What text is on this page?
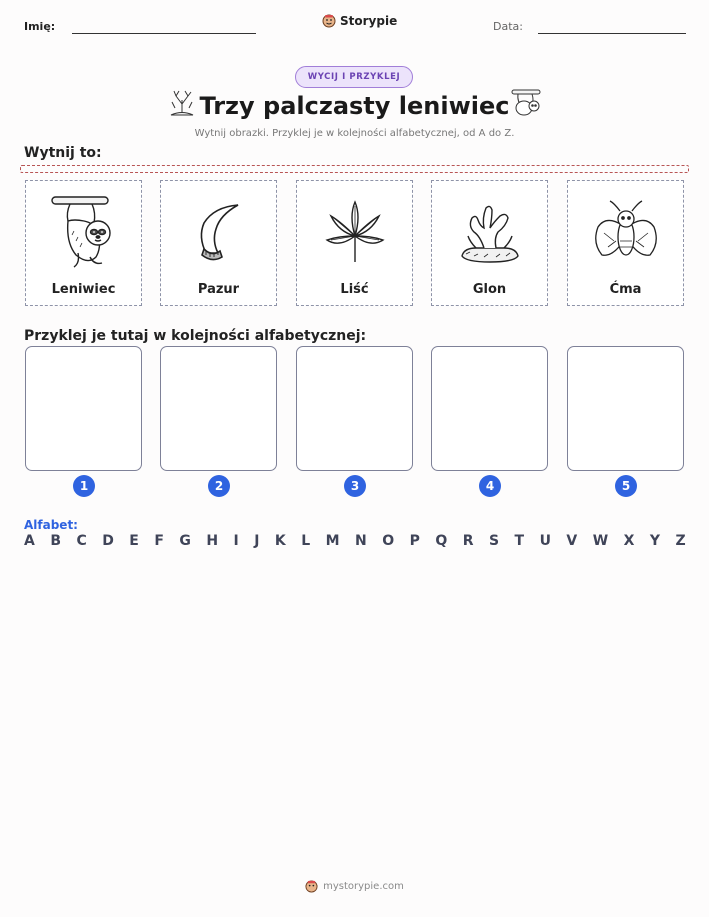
Imię:	Storypie	Data:
WYCIJ I PRZYKLEJ
Trzy palczasty leniwiec
Wytnij obrazki. Przyklej je w kolejności alfabetycznej, od A do Z.
Wytnij to:
Leniwiec	Pazur	Liść	Glon	Ćma
Przyklej je tutaj w kolejności alfabetycznej:
1	2	3	4	5
Alfabet:
A B C D E F G H I J K L M N O P Q R S T U V W X Y Z
mystorypie.com
